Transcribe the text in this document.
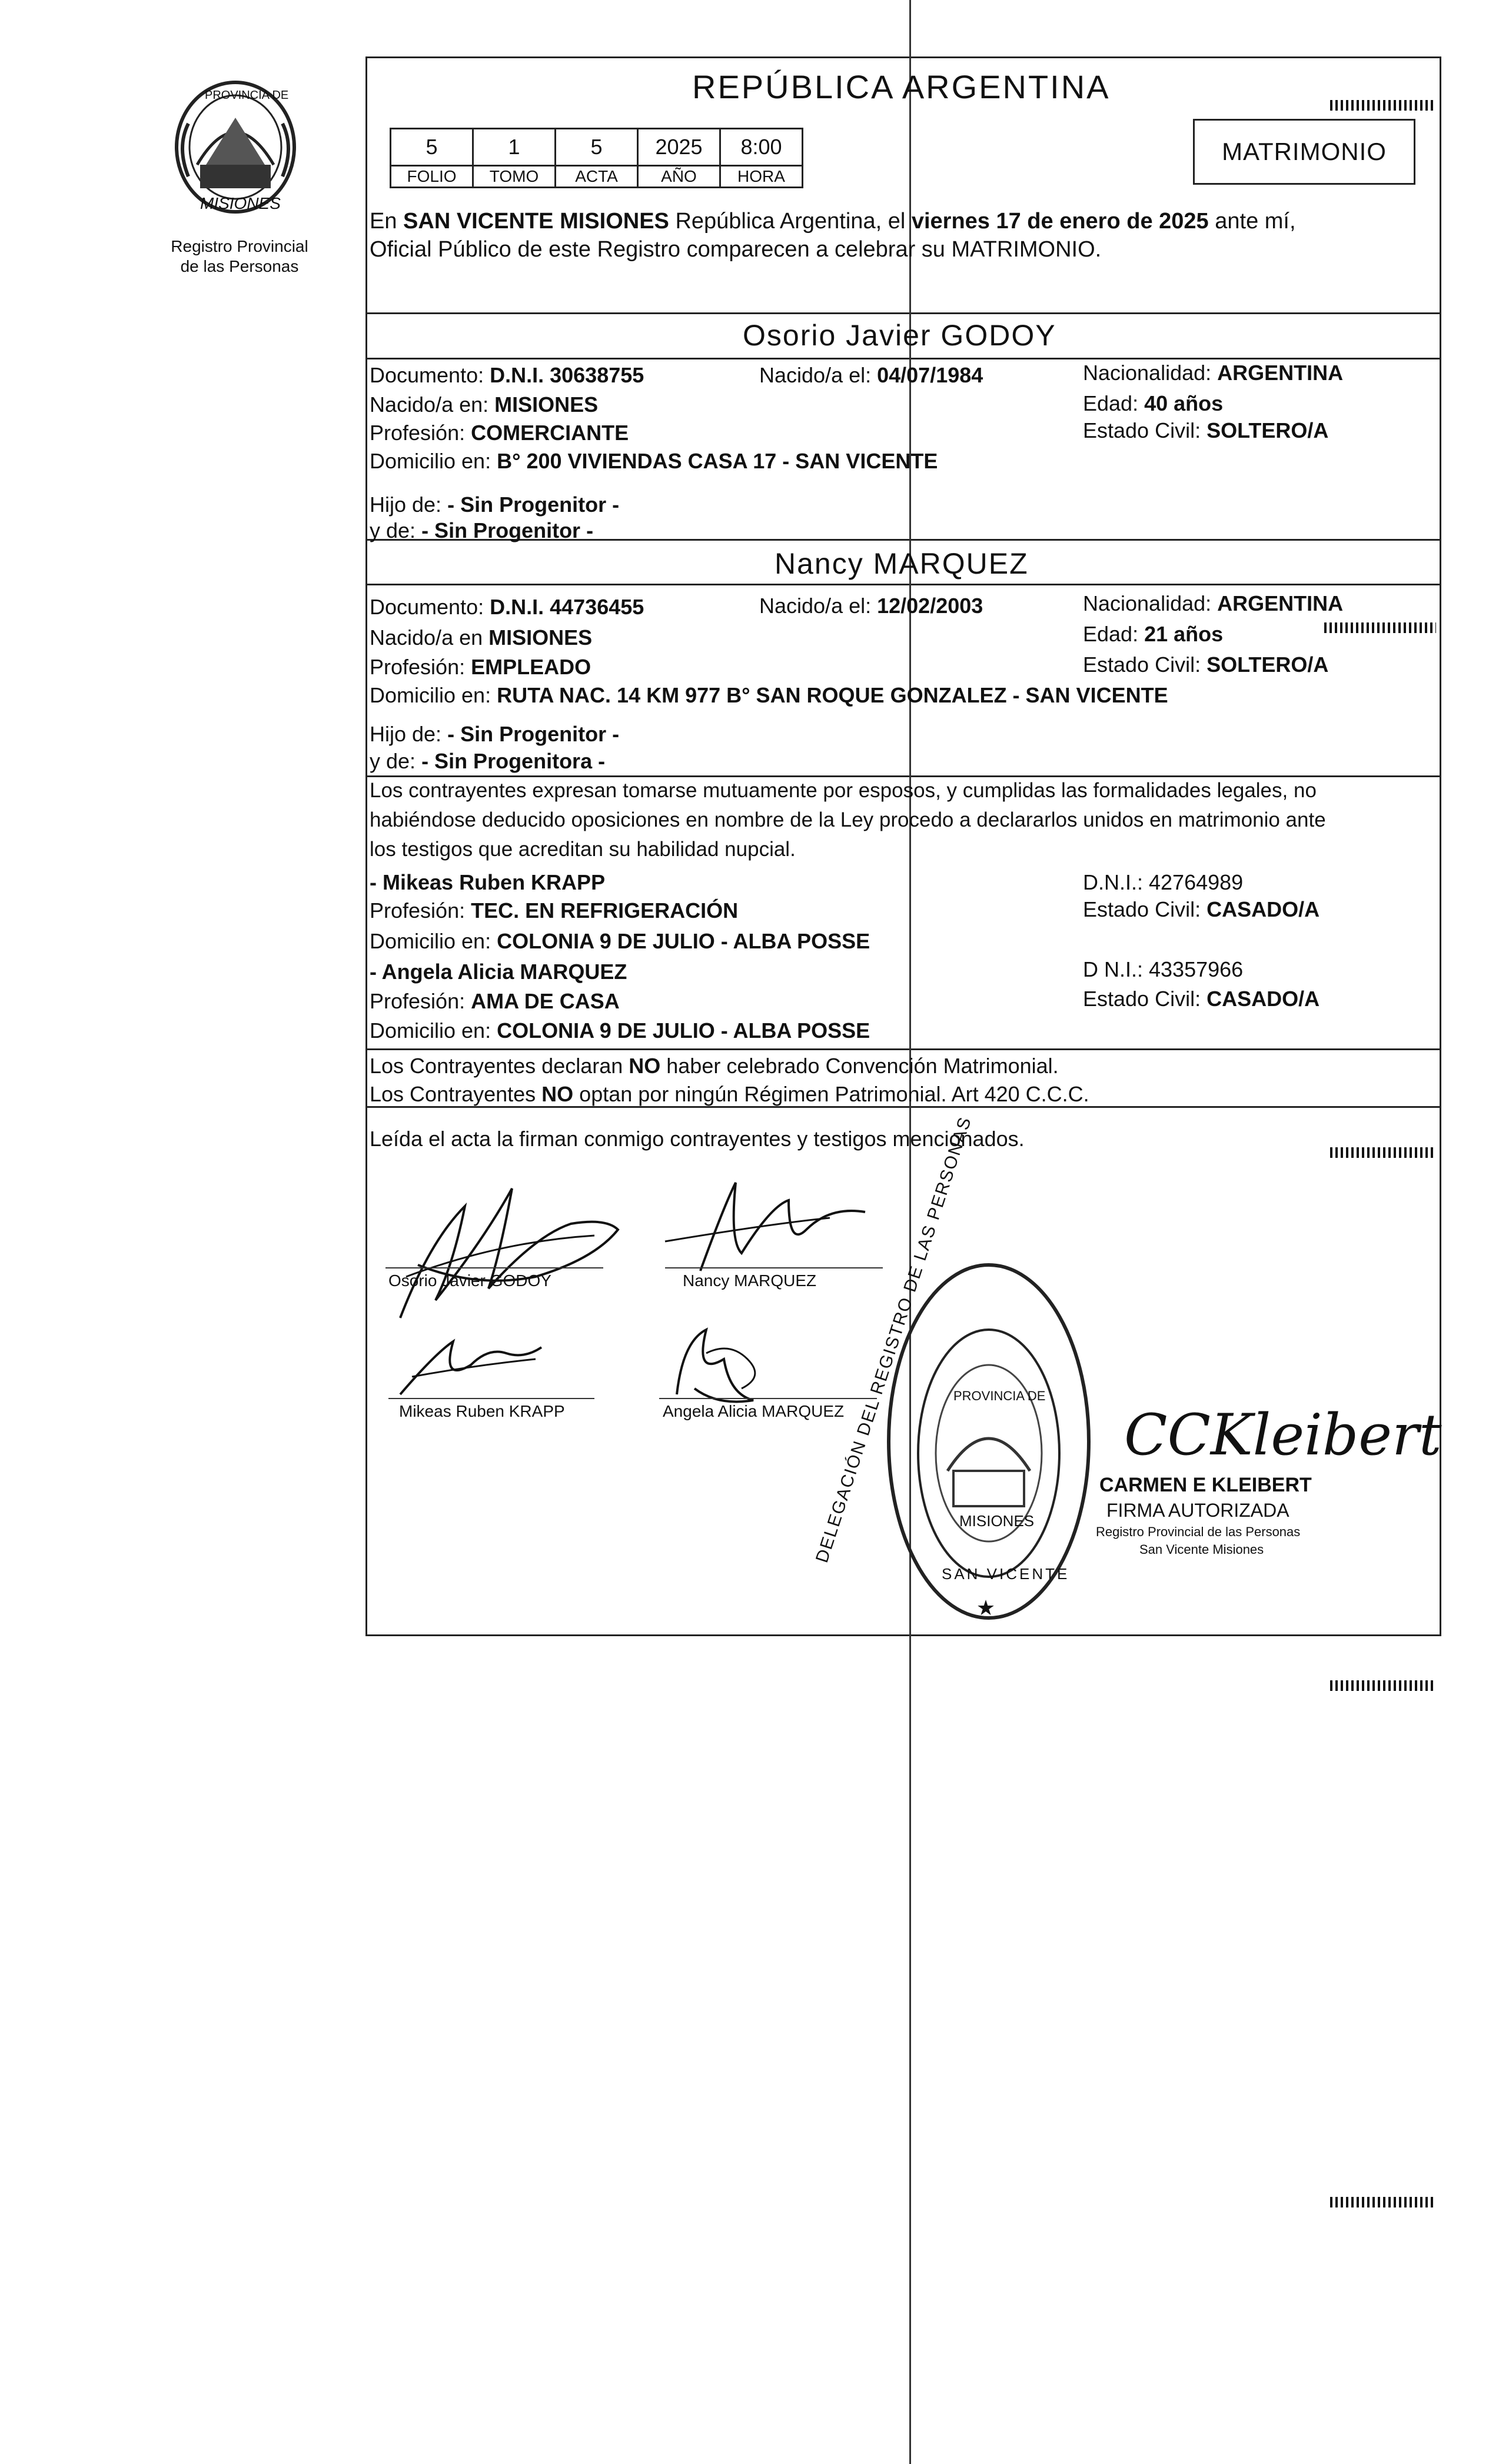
PROVINCIA DE
MISIONES
Registro Provincial
de las Personas
REPÚBLICA ARGENTINA
5	1	5	2025	8:00
FOLIO	TOMO	ACTA	AÑO	HORA
MATRIMONIO
En SAN VICENTE MISIONES República Argentina, el viernes 17 de enero de 2025 ante mí,
Oficial Público de este Registro comparecen a celebrar su MATRIMONIO.
Osorio Javier GODOY
Documento: D.N.I. 30638755	Nacido/a el: 04/07/1984	Nacionalidad: ARGENTINA
Nacido/a en: MISIONES	Edad: 40 años
Profesión: COMERCIANTE	Estado Civil: SOLTERO/A
Domicilio en: B° 200 VIVIENDAS CASA 17 - SAN VICENTE
Hijo de: - Sin Progenitor -
y de: - Sin Progenitor -
Nancy MARQUEZ
Documento: D.N.I. 44736455	Nacido/a el: 12/02/2003	Nacionalidad: ARGENTINA
Nacido/a en MISIONES	Edad: 21 años
Profesión: EMPLEADO	Estado Civil: SOLTERO/A
Domicilio en: RUTA NAC. 14 KM 977 B° SAN ROQUE GONZALEZ - SAN VICENTE
Hijo de: - Sin Progenitor -
y de: - Sin Progenitora -
Los contrayentes expresan tomarse mutuamente por esposos, y cumplidas las formalidades legales, no
habiéndose deducido oposiciones en nombre de la Ley procedo a declararlos unidos en matrimonio ante
los testigos que acreditan su habilidad nupcial.
- Mikeas Ruben KRAPP	D.N.I.: 42764989
Profesión: TEC. EN REFRIGERACIÓN	Estado Civil: CASADO/A
Domicilio en: COLONIA 9 DE JULIO - ALBA POSSE
- Angela Alicia MARQUEZ	D N.I.: 43357966
Profesión: AMA DE CASA	Estado Civil: CASADO/A
Domicilio en: COLONIA 9 DE JULIO - ALBA POSSE
Los Contrayentes declaran NO haber celebrado Convención Matrimonial.
Los Contrayentes NO optan por ningún Régimen Patrimonial. Art 420 C.C.C.
Leída el acta la firman conmigo contrayentes y testigos mencionados.
Osorio Javier GODOY	Nancy MARQUEZ
Mikeas Ruben KRAPP	Angela Alicia MARQUEZ
★
DELEGACIÓN DEL REGISTRO DE LAS PERSONAS
PROVINCIA DE
MISIONES
SAN VICENTE
CCKleibert
CARMEN E KLEIBERT
FIRMA AUTORIZADA
Registro Provincial de las Personas
San Vicente Misiones
